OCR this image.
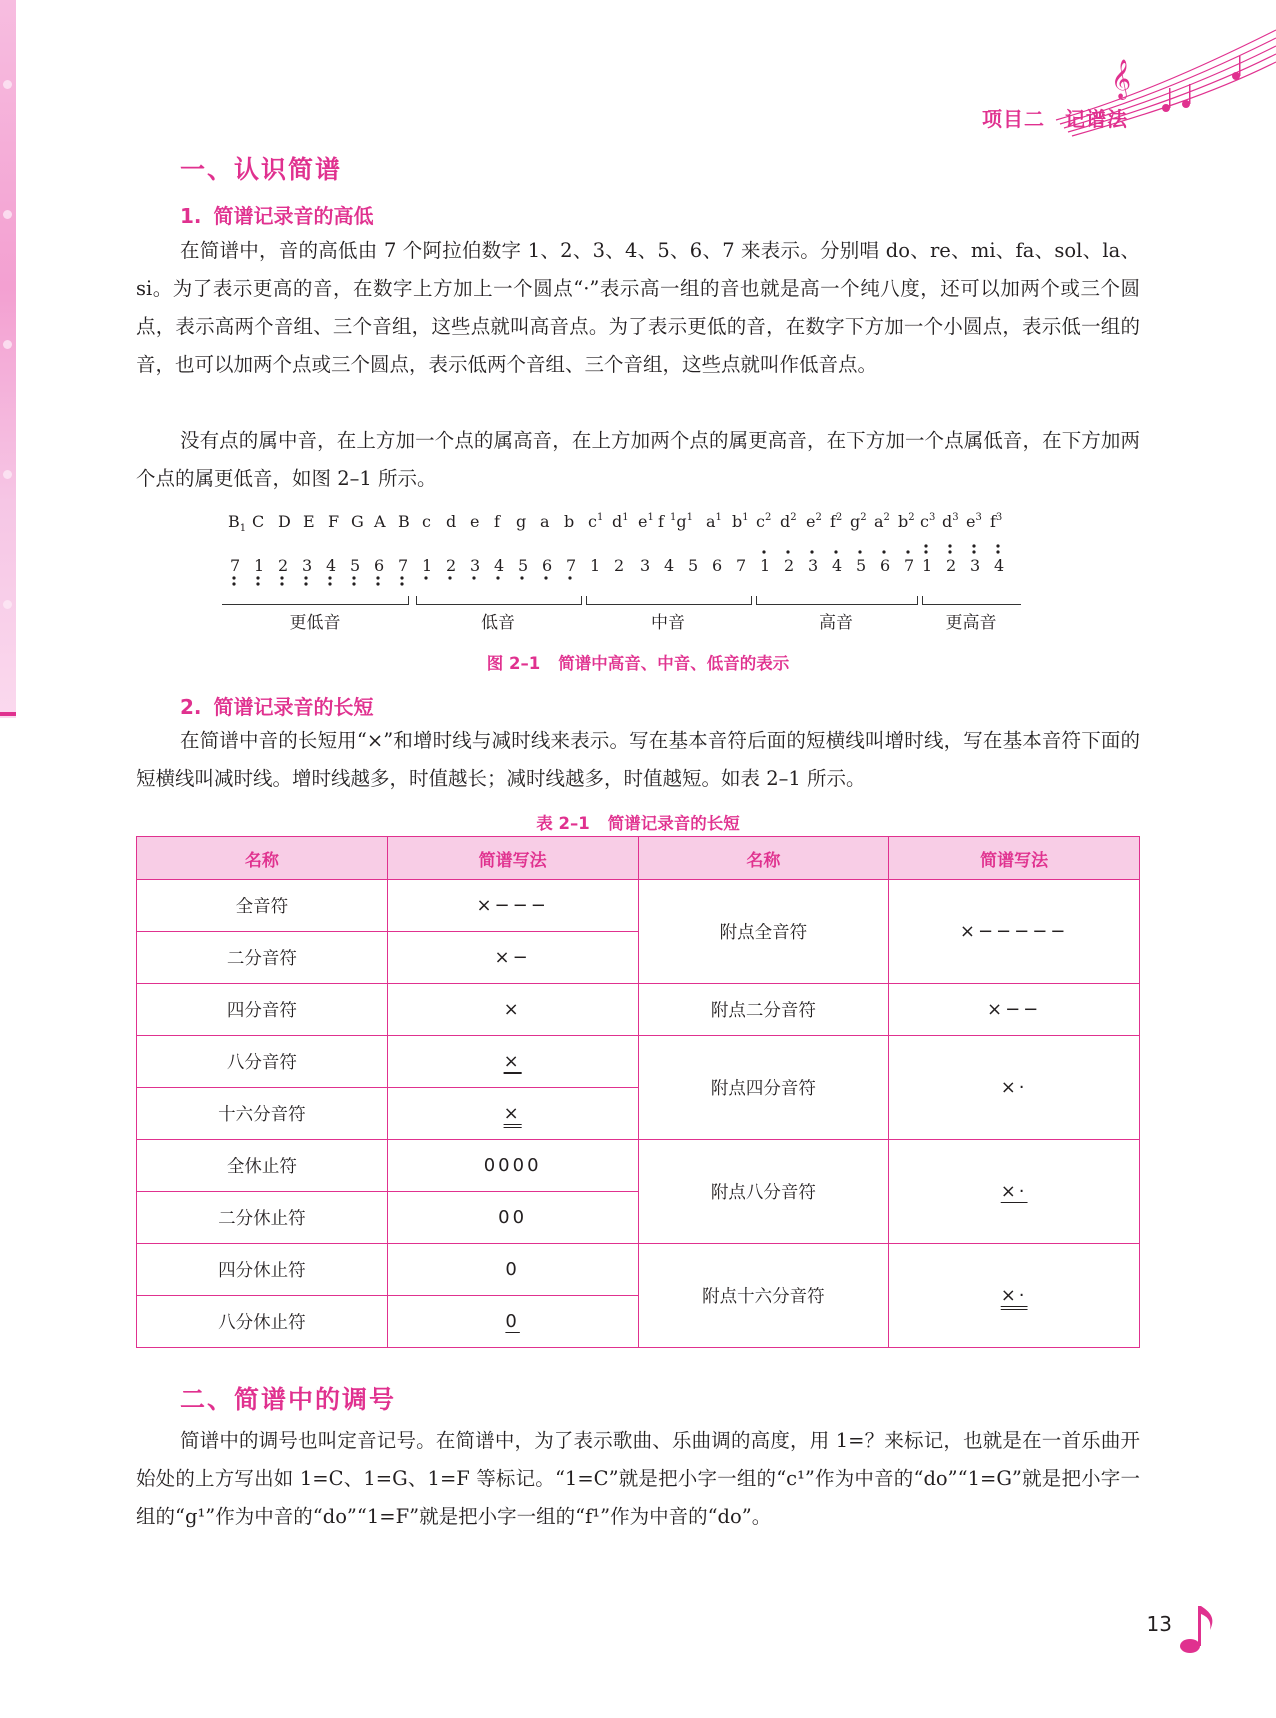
项目二 记谱法
𝄞
一、认识简谱
1. 简谱记录音的高低

在简谱中，音的高低由 7 个阿拉伯数字 1、2、3、4、5、6、7 来表示。分别唱 do、re、mi、fa、sol、la、si。为了表示更高的音，在数字上方加上一个圆点“·”表示高一组的音也就是高一个纯八度，还可以加两个或三个圆点，表示高两个音组、三个音组，这些点就叫高音点。为了表示更低的音，在数字下方加一个小圆点，表示低一组的音，也可以加两个点或三个圆点，表示低两个音组、三个音组，这些点就叫作低音点。

没有点的属中音，在上方加一个点的属高音，在上方加两个点的属更高音，在下方加一个点属低音，在下方加两个点的属更低音，如图 2–1 所示。

$B_1$ C D E F G A B c d e f g a b $c^1$ $d^1$ $e^1$ f $^1g^1$ $a^1$ $b^1$ $c^2$ $d^2$ $e^2$ $f^2$ $g^2$ $a^2$ $b^2$ $c^3$ $d^3$ $e^3$ $f^3$
7 1 2 3 4 5 6 7 1 2 3 4 5 6 7 1 2 3 4 5 6 7 1 2 3 4 5 6 7 1 2 3 4
更低音	低音	中音	高音	更高音
图 2–1 简谱中高音、中音、低音的表示
2. 简谱记录音的长短

在简谱中音的长短用“×”和增时线与减时线来表示。写在基本音符后面的短横线叫增时线，写在基本音符下面的短横线叫减时线。增时线越多，时值越长；减时线越多，时值越短。如表 2–1 所示。

表 2–1 简谱记录音的长短
名称	简谱写法	名称	简谱写法
全音符	×−−−	附点全音符	×−−−−−
二分音符	×−		
四分音符	×	附点二分音符	×−−
八分音符	×	附点四分音符	×·
十六分音符	×		
全休止符	0000	附点八分音符	×·
二分休止符	00		
四分休止符	0	附点十六分音符	×·
八分休止符	0		
二、简谱中的调号

简谱中的调号也叫定音记号。在简谱中，为了表示歌曲、乐曲调的高度，用 1=？来标记，也就是在一首乐曲开始处的上方写出如 1=C、1=G、1=F 等标记。“1=C”就是把小字一组的“c¹”作为中音的“do”“1=G”就是把小字一组的“g¹”作为中音的“do”“1=F”就是把小字一组的“f¹”作为中音的“do”。

13
